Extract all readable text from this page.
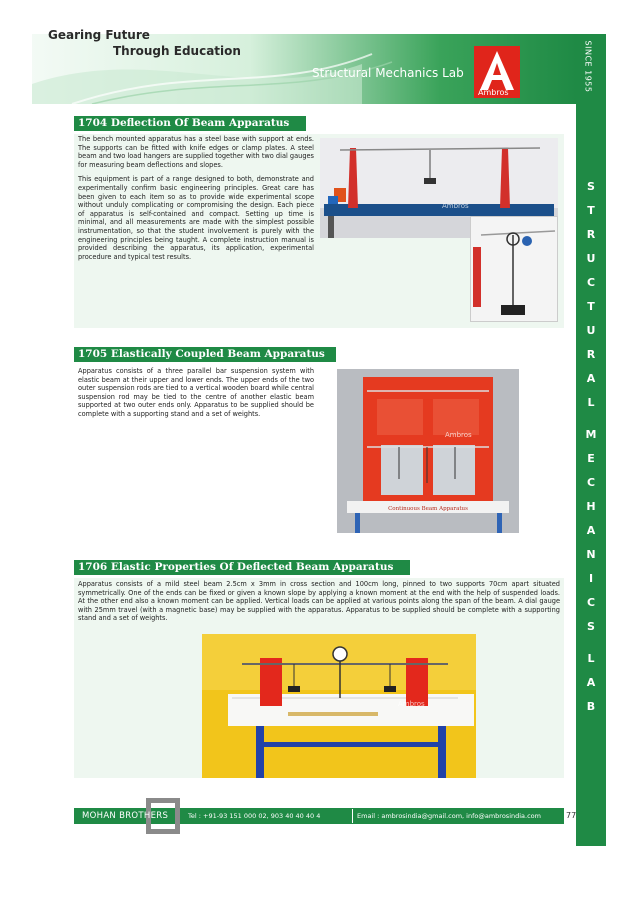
Gearing Future
Through Education
Structural Mechanics Lab
Ambros
SINCE 1955
S
T
R
U
C
T
U
R
A
L
M
E
C
H
A
N
I
C
S
L
A
B
1704 Deflection Of Beam Apparatus

The bench mounted apparatus has a steel base with support at ends. The supports can be fitted with knife edges or clamp plates. A steel beam and two load hangers are supplied together with two dial gauges for measuring beam deflections and slopes.

This equipment is part of a range designed to both, demonstrate and experimentally confirm basic engineering principles. Great care has been given to each item so as to provide wide experimental scope without unduly complicating or compromising the design. Each piece of apparatus is self-contained and compact. Setting up time is minimal, and all measurements are made with the simplest possible instrumentation, so that the student involvement is purely with the engineering principles being taught. A complete instruction manual is provided describing the apparatus, its application, experimental procedure and typical test results.

Ambros
1705 Elastically Coupled Beam Apparatus

Apparatus consists of a three parallel bar suspension system with elastic beam at their upper and lower ends. The upper ends of the two outer suspension rods are tied to a vertical wooden board while central suspension rod may be tied to the centre of another elastic beam supported at two outer ends only. Apparatus to be supplied should be complete with a supporting stand and a set of weights.

Continuous Beam Apparatus
Ambros
1706 Elastic Properties Of Deflected Beam Apparatus

Apparatus consists of a mild steel beam 2.5cm x 3mm in cross section and 100cm long, pinned to two supports 70cm apart situated symmetrically. One of the ends can be fixed or given a known slope by applying a known moment at the end with the help of suspended loads. At the other end also a known moment can be applied. Vertical loads can be applied at various points along the span of the beam. A dial gauge with 25mm travel (with a magnetic base) may be supplied with the apparatus. Apparatus to be supplied should be complete with a supporting stand and a set of weights.

Ambros
MOHAN BROTHERS	Tel : +91-93 151 000 02, 903 40 40 40 4	Email : ambrosindia@gmail.com, info@ambrosindia.com	77
